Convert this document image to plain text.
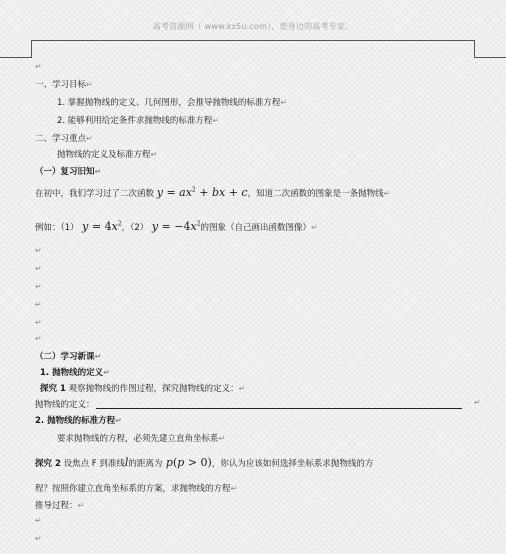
高考资源网（ www.ks5u.com），您身边的高考专家。
↵
一、学习目标↵
1. 掌握抛物线的定义、几何图形，会推导抛物线的标准方程↵
2. 能够利用给定条件求抛物线的标准方程↵
二、学习重点↵
抛物线的定义及标准方程↵
（一）复习旧知↵
在初中，我们学习过了二次函数 $y = ax^2$ + bx + c，知道二次函数的图象是一条抛物线↵
例如：（1） $y = 4x^2$，（2） $y = -4x^2$的图象（自己画出函数图像）↵
↵
↵
↵
↵
↵
↵
（二）学习新课↵
1. 抛物线的定义↵
探究 1 观察抛物线的作图过程，探究抛物线的定义：↵
抛物线的定义：	↵
2. 抛物线的标准方程↵
要求抛物线的方程，必须先建立直角坐标系↵
探究 2 设焦点 F 到准线l的距离为 p(p > 0)，你认为应该如何选择坐标系求抛物线的方
程？按照你建立直角坐标系的方案，求抛物线的方程↵
推导过程：↵
↵
↵
